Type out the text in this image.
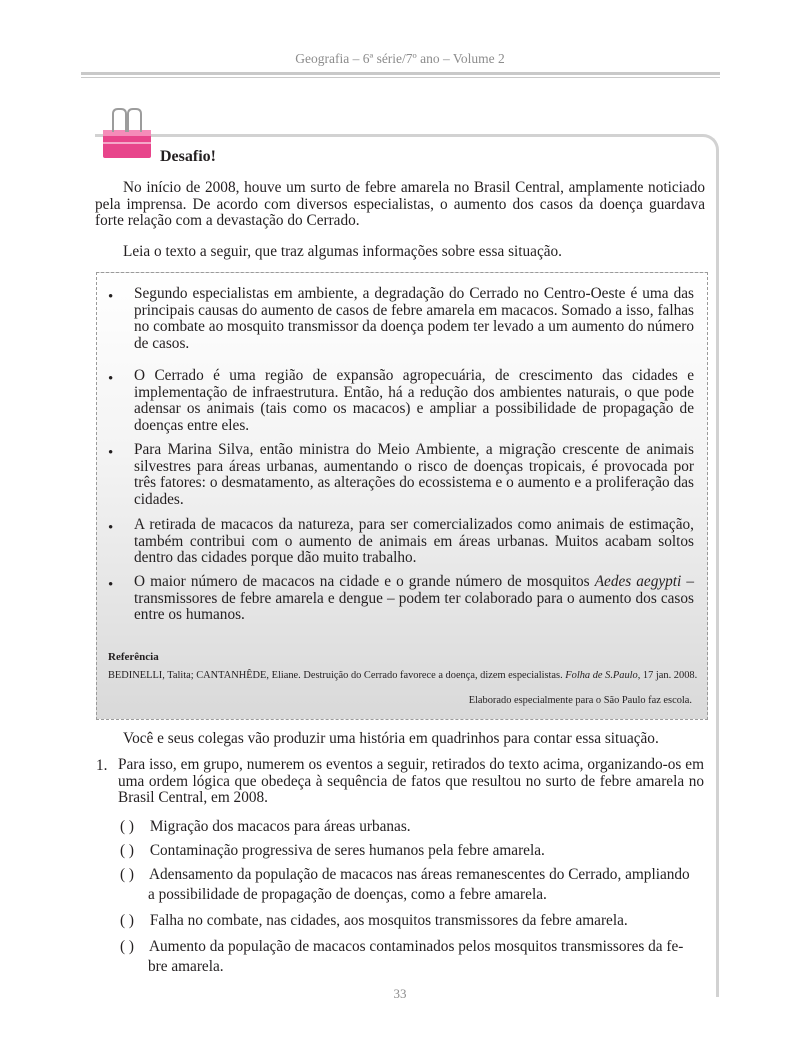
Geografia – 6ª série/7º ano – Volume 2
Desafio!

No início de 2008, houve um surto de febre amarela no Brasil Central, amplamente noticiado pela imprensa. De acordo com diversos especialistas, o aumento dos casos da doença guardava forte relação com a devastação do Cerrado.

Leia o texto a seguir, que traz algumas informações sobre essa situação.

• Segundo especialistas em ambiente, a degradação do Cerrado no Centro-Oeste é uma das principais causas do aumento de casos de febre amarela em macacos. Somado a isso, falhas no combate ao mosquito transmissor da doença podem ter levado a um aumento do número de casos.

• O Cerrado é uma região de expansão agropecuária, de crescimento das cidades e implementação de infraestrutura. Então, há a redução dos ambientes naturais, o que pode adensar os animais (tais como os macacos) e ampliar a possibilidade de propagação de doenças entre eles.

• Para Marina Silva, então ministra do Meio Ambiente, a migração crescente de animais silvestres para áreas urbanas, aumentando o risco de doenças tropicais, é provocada por três fatores: o desmatamento, as alterações do ecossistema e o aumento e a proliferação das cidades.

• A retirada de macacos da natureza, para ser comercializados como animais de estimação, também contribui com o aumento de animais em áreas urbanas. Muitos acabam soltos dentro das cidades porque dão muito trabalho.

• O maior número de macacos na cidade e o grande número de mosquitos Aedes aegypti – transmissores de febre amarela e dengue – podem ter colaborado para o aumento dos casos entre os humanos.

Referência
BEDINELLI, Talita; CANTANHÊDE, Eliane. Destruição do Cerrado favorece a doença, dizem especialistas. Folha de S.Paulo, 17 jan. 2008.
Elaborado especialmente para o São Paulo faz escola.

Você e seus colegas vão produzir uma história em quadrinhos para contar essa situação.

1. Para isso, em grupo, numerem os eventos a seguir, retirados do texto acima, organizando-os em uma ordem lógica que obedeça à sequência de fatos que resultou no surto de febre amarela no Brasil Central, em 2008.

( ) Migração dos macacos para áreas urbanas.
( ) Contaminação progressiva de seres humanos pela febre amarela.
( ) Adensamento da população de macacos nas áreas remanescentes do Cerrado, ampliando
a possibilidade de propagação de doenças, como a febre amarela.
( ) Falha no combate, nas cidades, aos mosquitos transmissores da febre amarela.
( ) Aumento da população de macacos contaminados pelos mosquitos transmissores da fe-
bre amarela.
33
